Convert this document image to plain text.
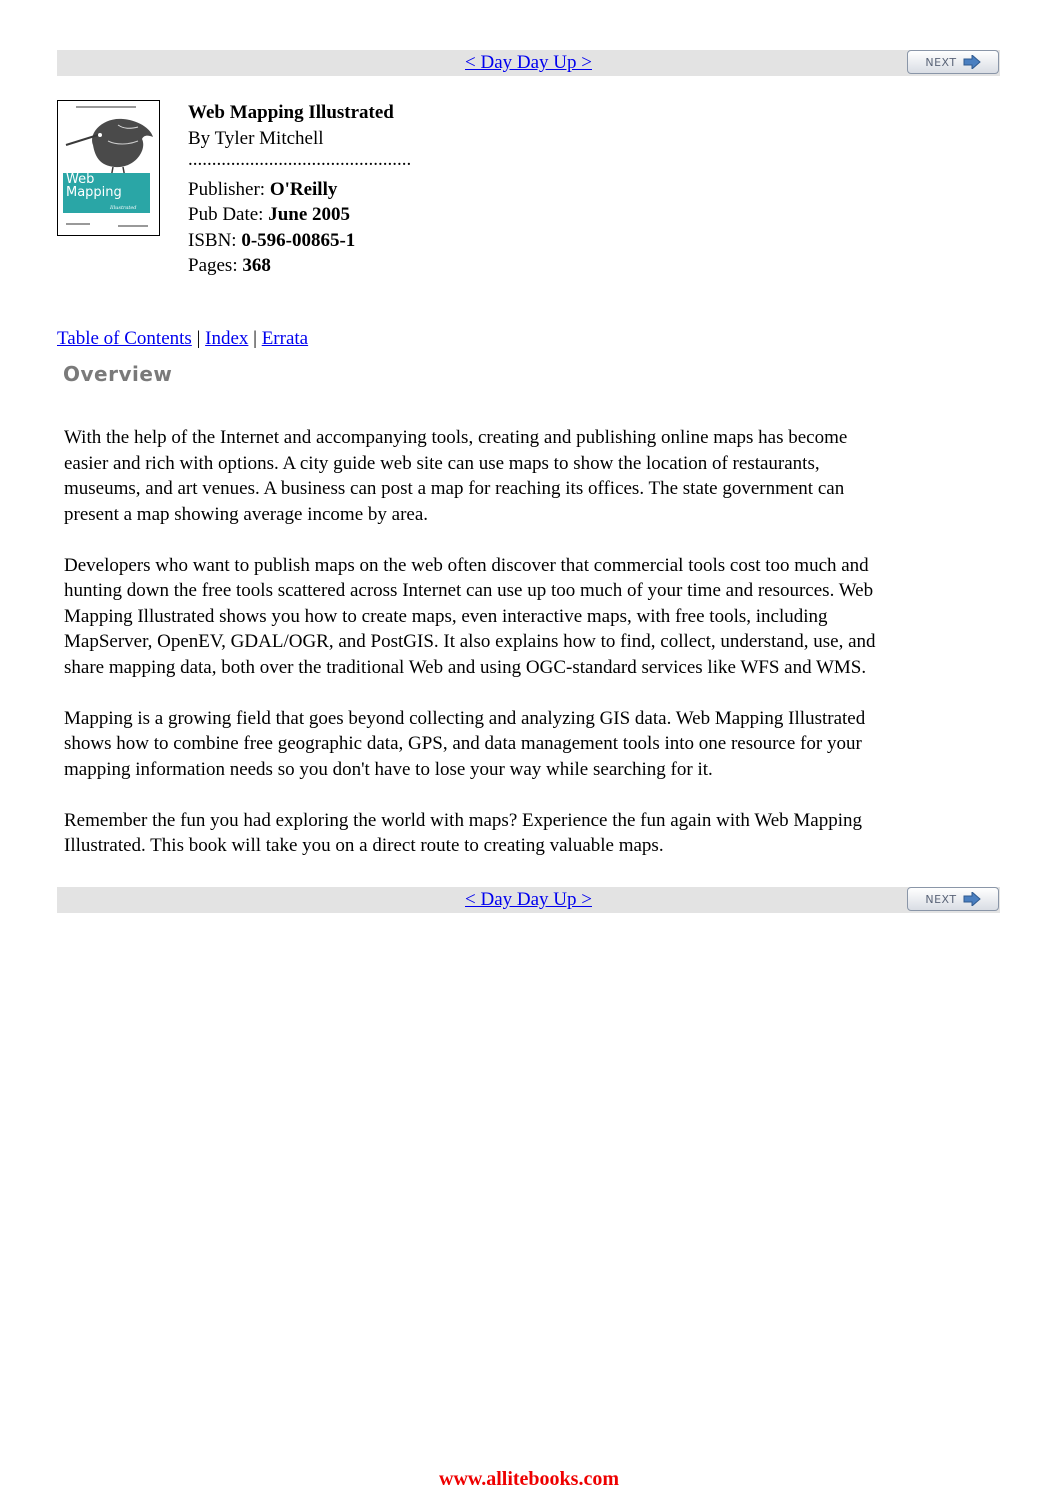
< Day Day Up >	NEXT
Web
Mapping
Illustrated
Web Mapping Illustrated
By Tyler Mitchell
...............................................
Publisher: O'Reilly
Pub Date: June 2005
ISBN: 0-596-00865-1
Pages: 368
Table of Contents | Index | Errata
Overview

With the help of the Internet and accompanying tools, creating and publishing online maps has become easier and rich with options. A city guide web site can use maps to show the location of restaurants, museums, and art venues. A business can post a map for reaching its offices. The state government can present a map showing average income by area.

Developers who want to publish maps on the web often discover that commercial tools cost too much and hunting down the free tools scattered across Internet can use up too much of your time and resources. Web Mapping Illustrated shows you how to create maps, even interactive maps, with free tools, including MapServer, OpenEV, GDAL/OGR, and PostGIS. It also explains how to find, collect, understand, use, and share mapping data, both over the traditional Web and using OGC-standard services like WFS and WMS.

Mapping is a growing field that goes beyond collecting and analyzing GIS data. Web Mapping Illustrated shows how to combine free geographic data, GPS, and data management tools into one resource for your mapping information needs so you don't have to lose your way while searching for it.

Remember the fun you had exploring the world with maps? Experience the fun again with Web Mapping Illustrated. This book will take you on a direct route to creating valuable maps.

< Day Day Up >	NEXT
www.allitebooks.com
